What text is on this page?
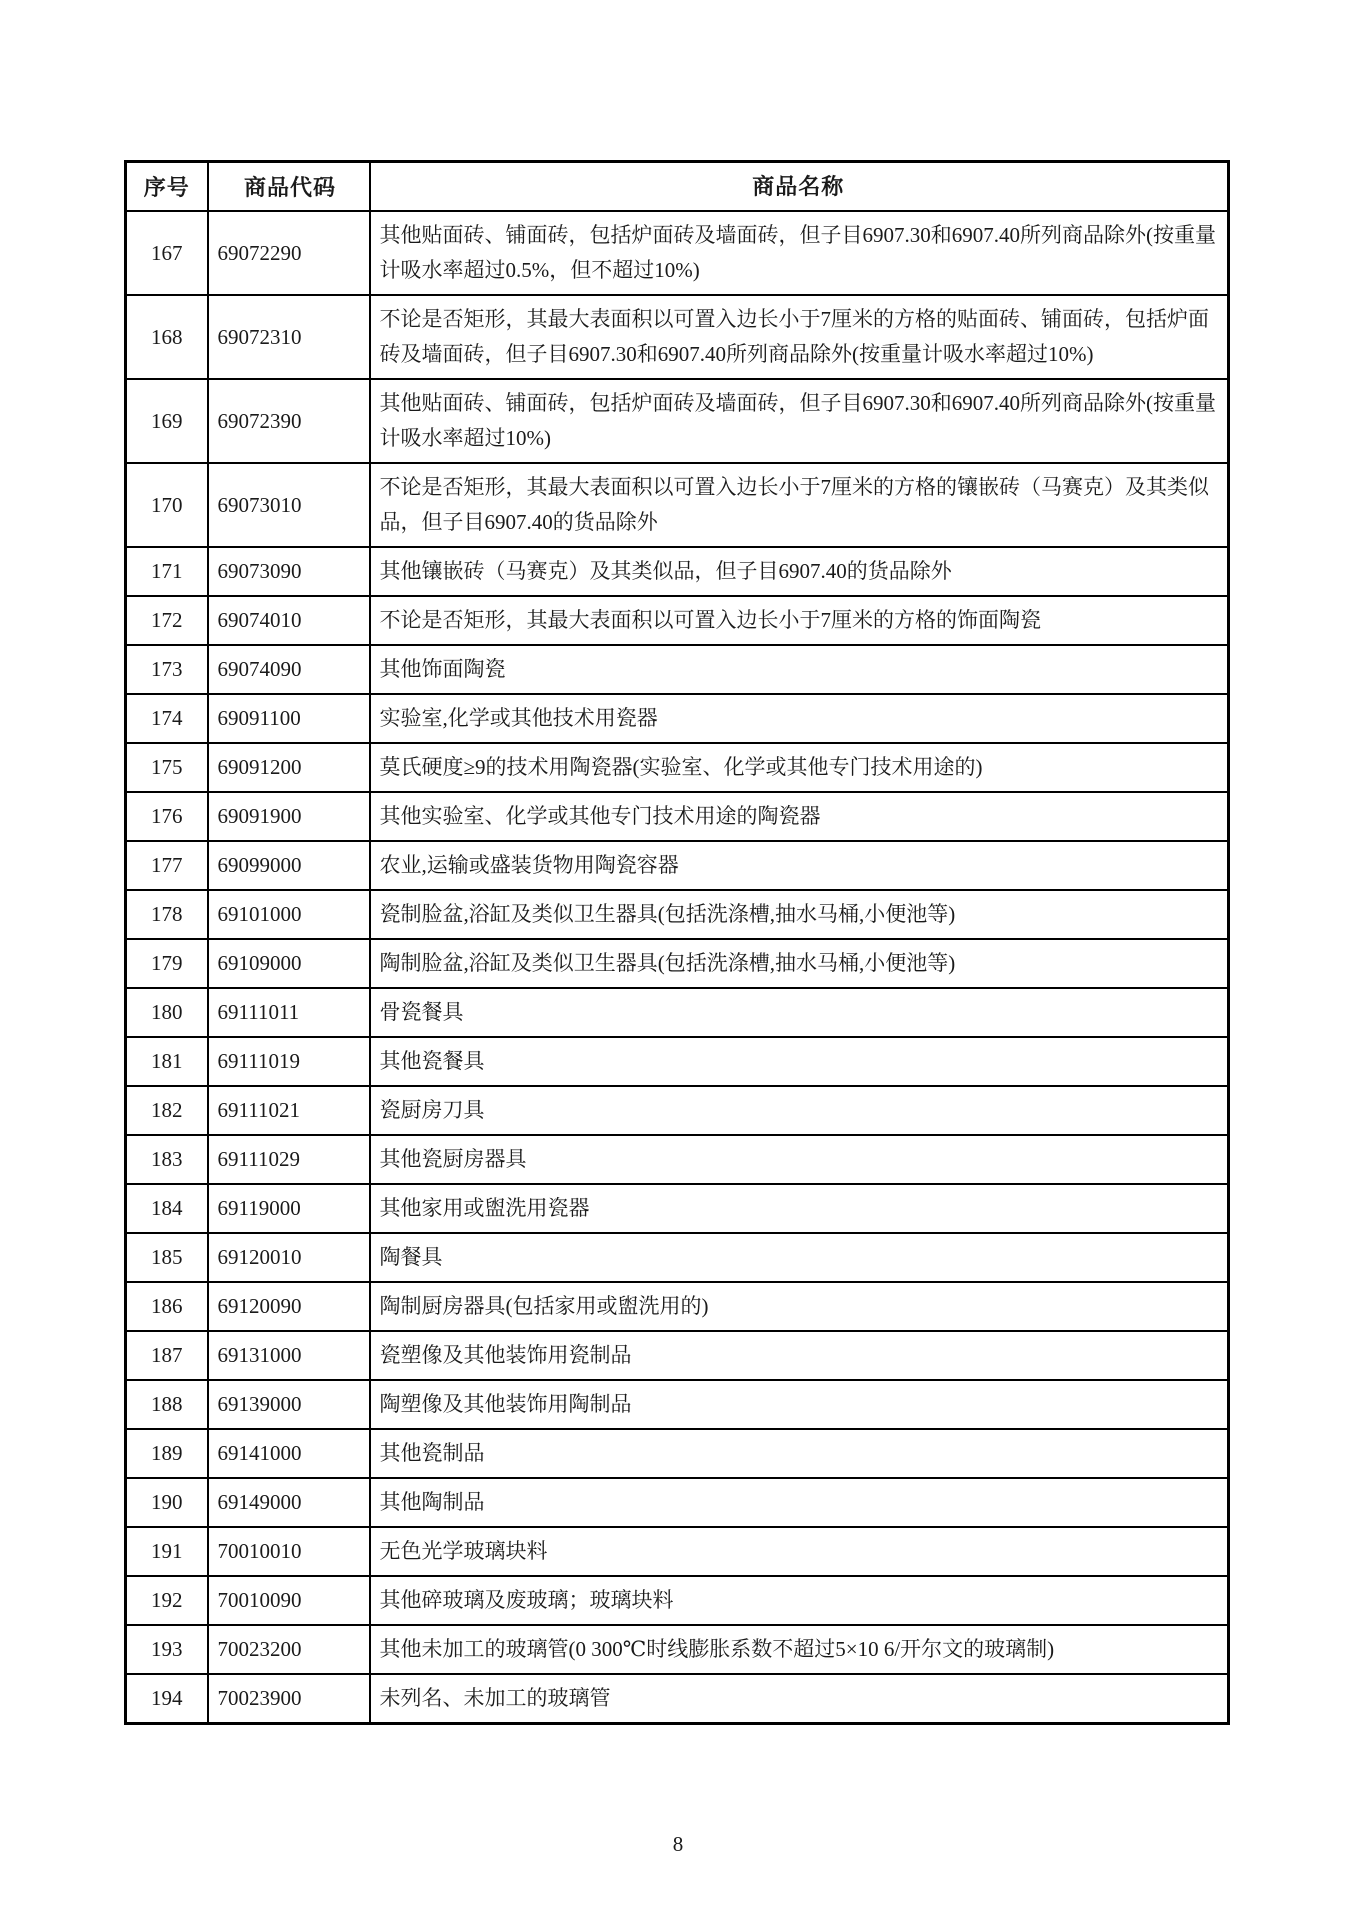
序号	商品代码	商品名称
167	69072290	其他贴面砖、铺面砖，包括炉面砖及墙面砖，但子目6907.30和6907.40所列商品除外(按重量计吸水率超过0.5%，但不超过10%)
168	69072310	不论是否矩形，其最大表面积以可置入边长小于7厘米的方格的贴面砖、铺面砖，包括炉面砖及墙面砖，但子目6907.30和6907.40所列商品除外(按重量计吸水率超过10%)
169	69072390	其他贴面砖、铺面砖，包括炉面砖及墙面砖，但子目6907.30和6907.40所列商品除外(按重量计吸水率超过10%)
170	69073010	不论是否矩形，其最大表面积以可置入边长小于7厘米的方格的镶嵌砖（马赛克）及其类似品，但子目6907.40的货品除外
171	69073090	其他镶嵌砖（马赛克）及其类似品，但子目6907.40的货品除外
172	69074010	不论是否矩形，其最大表面积以可置入边长小于7厘米的方格的饰面陶瓷
173	69074090	其他饰面陶瓷
174	69091100	实验室,化学或其他技术用瓷器
175	69091200	莫氏硬度≥9的技术用陶瓷器(实验室、化学或其他专门技术用途的)
176	69091900	其他实验室、化学或其他专门技术用途的陶瓷器
177	69099000	农业,运输或盛装货物用陶瓷容器
178	69101000	瓷制脸盆,浴缸及类似卫生器具(包括洗涤槽,抽水马桶,小便池等)
179	69109000	陶制脸盆,浴缸及类似卫生器具(包括洗涤槽,抽水马桶,小便池等)
180	69111011	骨瓷餐具
181	69111019	其他瓷餐具
182	69111021	瓷厨房刀具
183	69111029	其他瓷厨房器具
184	69119000	其他家用或盥洗用瓷器
185	69120010	陶餐具
186	69120090	陶制厨房器具(包括家用或盥洗用的)
187	69131000	瓷塑像及其他装饰用瓷制品
188	69139000	陶塑像及其他装饰用陶制品
189	69141000	其他瓷制品
190	69149000	其他陶制品
191	70010010	无色光学玻璃块料
192	70010090	其他碎玻璃及废玻璃；玻璃块料
193	70023200	其他未加工的玻璃管(0 300℃时线膨胀系数不超过5×10 6/开尔文的玻璃制)
194	70023900	未列名、未加工的玻璃管
8
